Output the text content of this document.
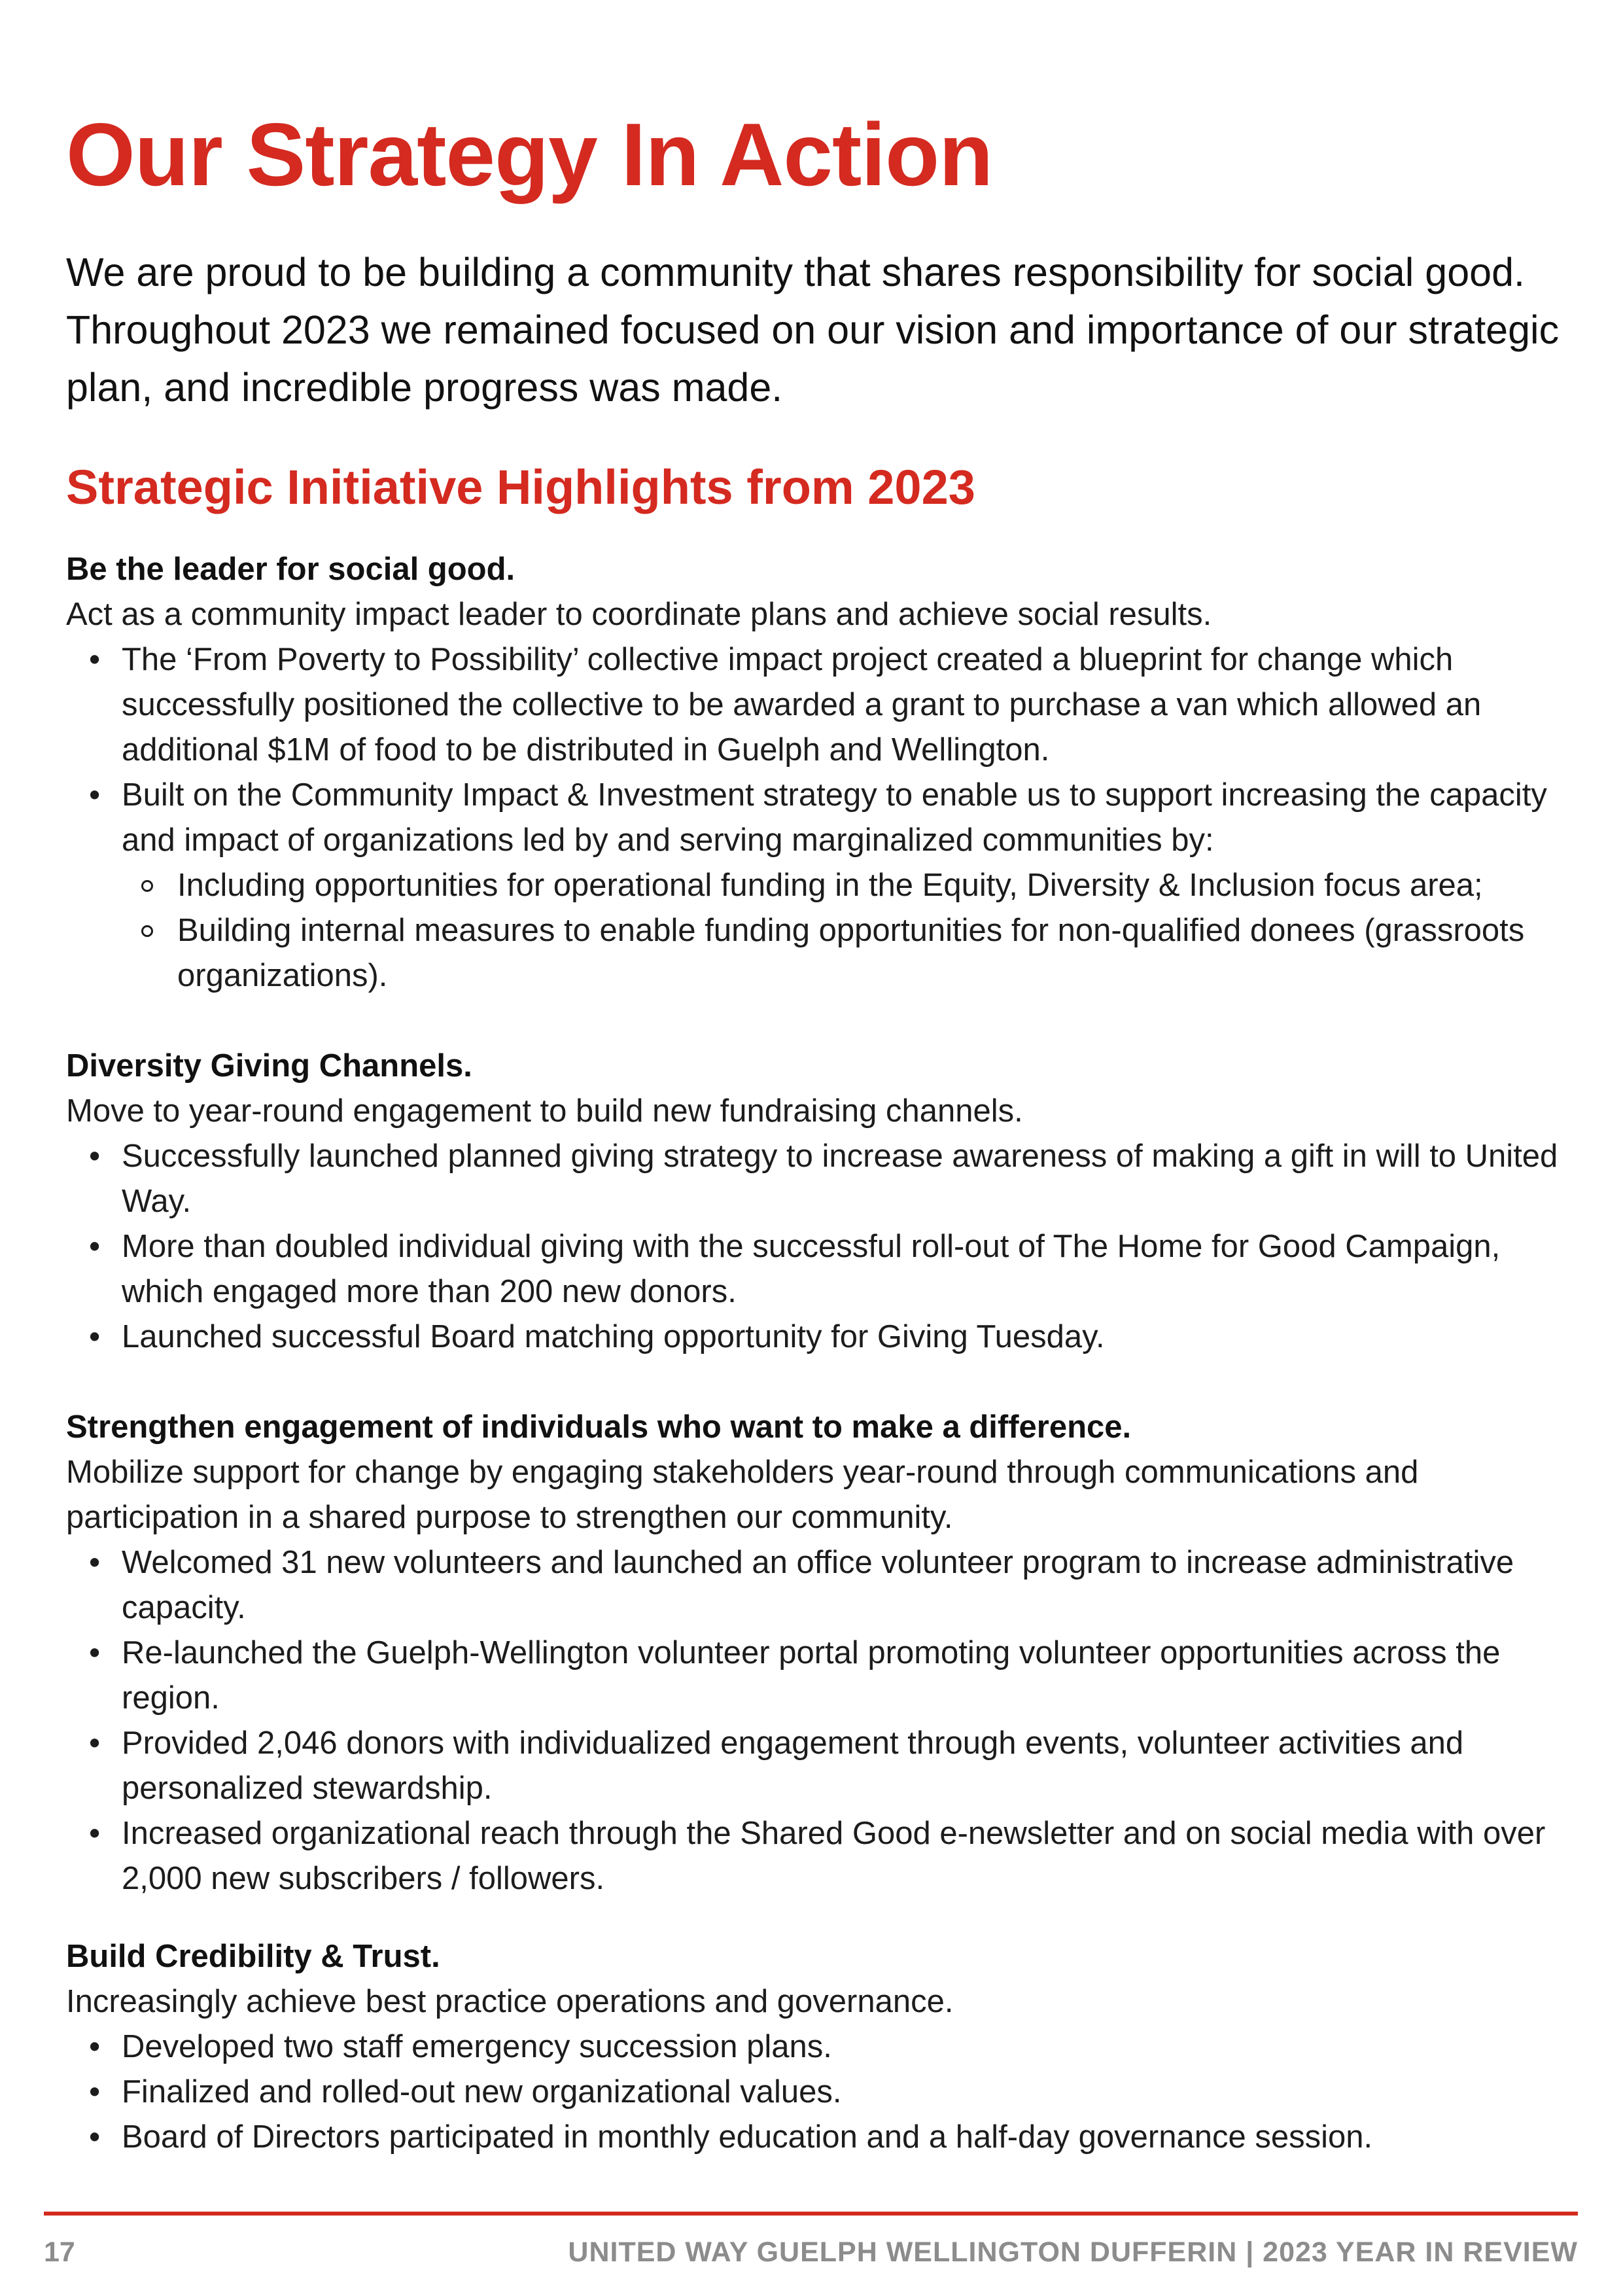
Our Strategy In Action

We are proud to be building a community that shares responsibility for social good. Throughout 2023 we remained focused on our vision and importance of our strategic plan, and incredible progress was made.

Strategic Initiative Highlights from 2023

Be the leader for social good.

Act as a community impact leader to coordinate plans and achieve social results.

• The ‘From Poverty to Possibility’ collective impact project created a blueprint for change which successfully positioned the collective to be awarded a grant to purchase a van which allowed an additional $1M of food to be distributed in Guelph and Wellington.
• Built on the Community Impact & Investment strategy to enable us to support increasing the capacity and impact of organizations led by and serving marginalized communities by:
Including opportunities for operational funding in the Equity, Diversity & Inclusion focus area;
Building internal measures to enable funding opportunities for non-qualified donees (grassroots organizations).

Diversity Giving Channels.

Move to year-round engagement to build new fundraising channels.

• Successfully launched planned giving strategy to increase awareness of making a gift in will to United Way.
• More than doubled individual giving with the successful roll-out of The Home for Good Campaign, which engaged more than 200 new donors.
• Launched successful Board matching opportunity for Giving Tuesday.

Strengthen engagement of individuals who want to make a difference.

Mobilize support for change by engaging stakeholders year-round through communications and participation in a shared purpose to strengthen our community.

• Welcomed 31 new volunteers and launched an office volunteer program to increase administrative capacity.
• Re-launched the Guelph-Wellington volunteer portal promoting volunteer opportunities across the region.
• Provided 2,046 donors with individualized engagement through events, volunteer activities and personalized stewardship.
• Increased organizational reach through the Shared Good e-newsletter and on social media with over 2,000 new subscribers / followers.

Build Credibility & Trust.

Increasingly achieve best practice operations and governance.

• Developed two staff emergency succession plans.
• Finalized and rolled-out new organizational values.
• Board of Directors participated in monthly education and a half-day governance session.
17	UNITED WAY GUELPH WELLINGTON DUFFERIN | 2023 YEAR IN REVIEW
